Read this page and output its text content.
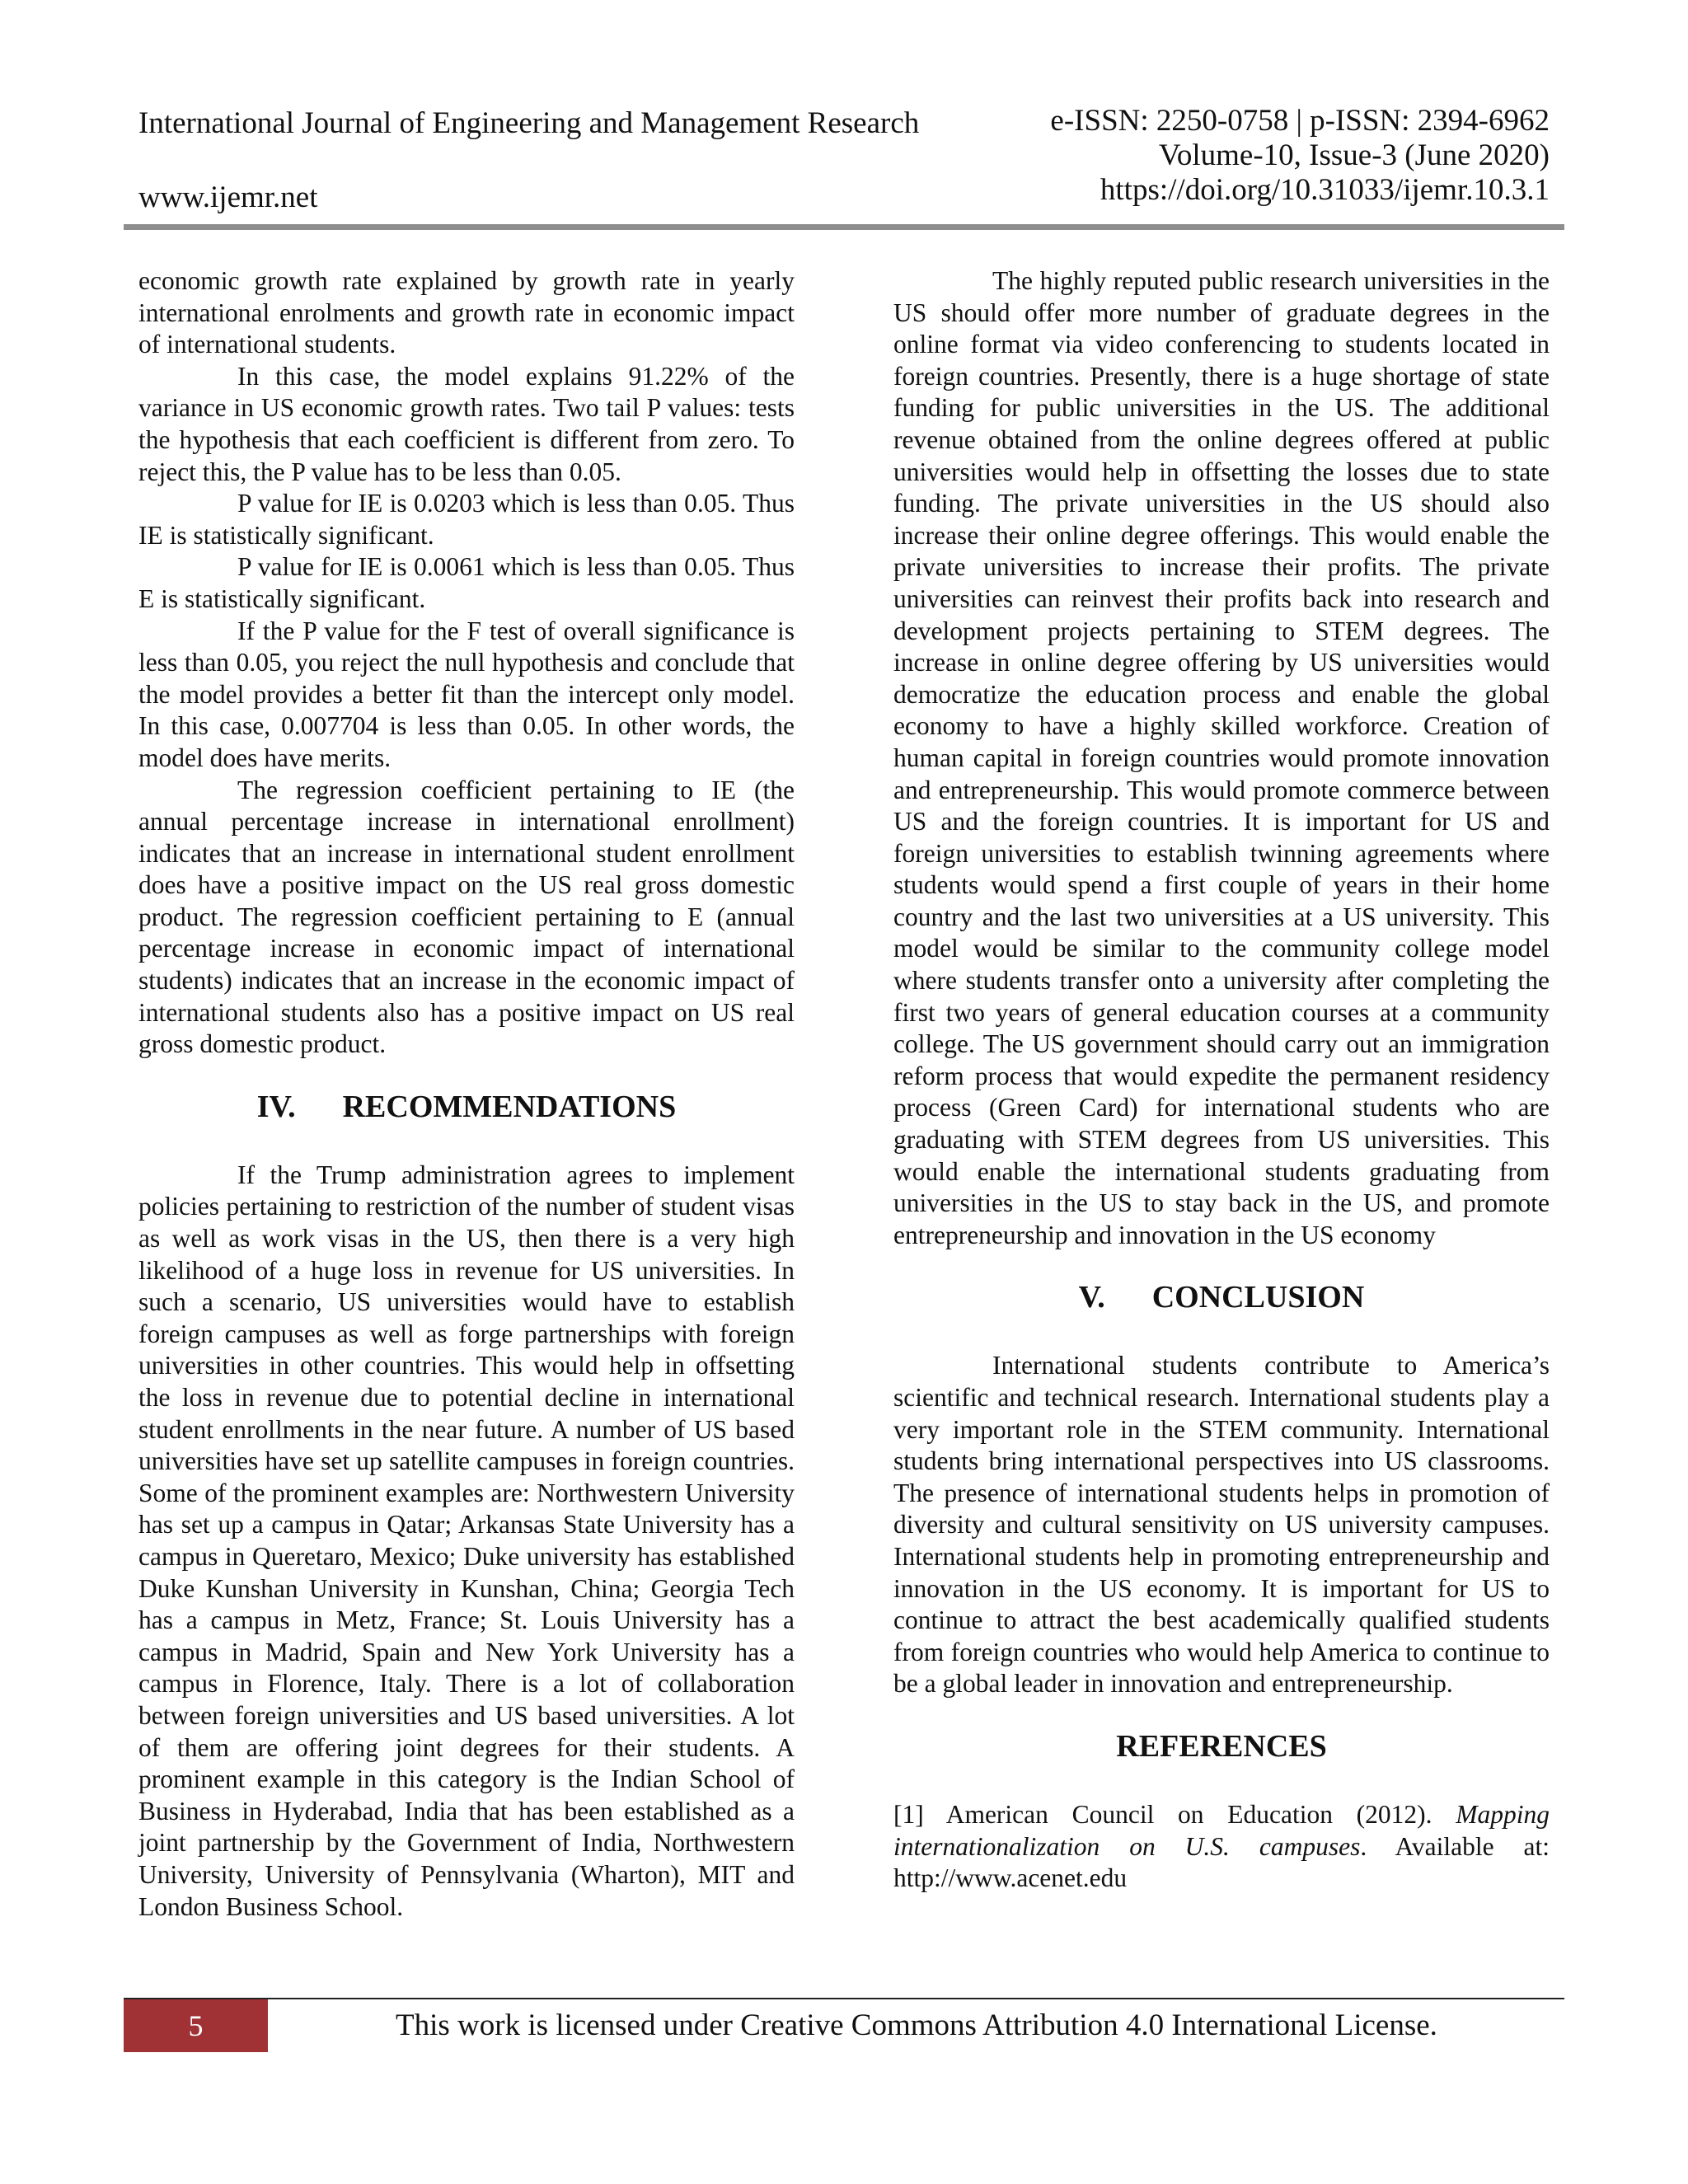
International Journal of Engineering and Management Research
www.ijemr.net
e-ISSN: 2250-0758 | p-ISSN: 2394-6962
Volume-10, Issue-3 (June 2020)
https://doi.org/10.31033/ijemr.10.3.1

economic growth rate explained by growth rate in yearly international enrolments and growth rate in economic impact of international students.

In this case, the model explains 91.22% of the variance in US economic growth rates. Two tail P values: tests the hypothesis that each coefficient is different from zero. To reject this, the P value has to be less than 0.05.

P value for IE is 0.0203 which is less than 0.05. Thus IE is statistically significant.

P value for IE is 0.0061 which is less than 0.05. Thus E is statistically significant.

If the P value for the F test of overall significance is less than 0.05, you reject the null hypothesis and conclude that the model provides a better fit than the intercept only model. In this case, 0.007704 is less than 0.05. In other words, the model does have merits.

The regression coefficient pertaining to IE (the annual percentage increase in international enrollment) indicates that an increase in international student enrollment does have a positive impact on the US real gross domestic product. The regression coefficient pertaining to E (annual percentage increase in economic impact of international students) indicates that an increase in the economic impact of international students also has a positive impact on US real gross domestic product.

IV.      RECOMMENDATIONS

If the Trump administration agrees to implement policies pertaining to restriction of the number of student visas as well as work visas in the US, then there is a very high likelihood of a huge loss in revenue for US universities. In such a scenario, US universities would have to establish foreign campuses as well as forge partnerships with foreign universities in other countries. This would help in offsetting the loss in revenue due to potential decline in international student enrollments in the near future. A number of US based universities have set up satellite campuses in foreign countries. Some of the prominent examples are: Northwestern University has set up a campus in Qatar; Arkansas State University has a campus in Queretaro, Mexico; Duke university has established Duke Kunshan University in Kunshan, China; Georgia Tech has a campus in Metz, France; St. Louis University has a campus in Madrid, Spain and New York University has a campus in Florence, Italy. There is a lot of collaboration between foreign universities and US based universities. A lot of them are offering joint degrees for their students. A prominent example in this category is the Indian School of Business in Hyderabad, India that has been established as a joint partnership by the Government of India, Northwestern University, University of Pennsylvania (Wharton), MIT and London Business School.

The highly reputed public research universities in the US should offer more number of graduate degrees in the online format via video conferencing to students located in foreign countries. Presently, there is a huge shortage of state funding for public universities in the US. The additional revenue obtained from the online degrees offered at public universities would help in offsetting the losses due to state funding. The private universities in the US should also increase their online degree offerings. This would enable the private universities to increase their profits. The private universities can reinvest their profits back into research and development projects pertaining to STEM degrees. The increase in online degree offering by US universities would democratize the education process and enable the global economy to have a highly skilled workforce. Creation of human capital in foreign countries would promote innovation and entrepreneurship. This would promote commerce between US and the foreign countries. It is important for US and foreign universities to establish twinning agreements where students would spend a first couple of years in their home country and the last two universities at a US university. This model would be similar to the community college model where students transfer onto a university after completing the first two years of general education courses at a community college. The US government should carry out an immigration reform process that would expedite the permanent residency process (Green Card) for international students who are graduating with STEM degrees from US universities. This would enable the international students graduating from universities in the US to stay back in the US, and promote entrepreneurship and innovation in the US economy

V.      CONCLUSION

International students contribute to America’s scientific and technical research. International students play a very important role in the STEM community. International students bring international perspectives into US classrooms. The presence of international students helps in promotion of diversity and cultural sensitivity on US university campuses. International students help in promoting entrepreneurship and innovation in the US economy. It is important for US to continue to attract the best academically qualified students from foreign countries who would help America to continue to be a global leader in innovation and entrepreneurship.

REFERENCES

[1] American Council on Education (2012). Mapping internationalization on U.S. campuses. Available at: http://www.acenet.edu

5	This work is licensed under Creative Commons Attribution 4.0 International License.
